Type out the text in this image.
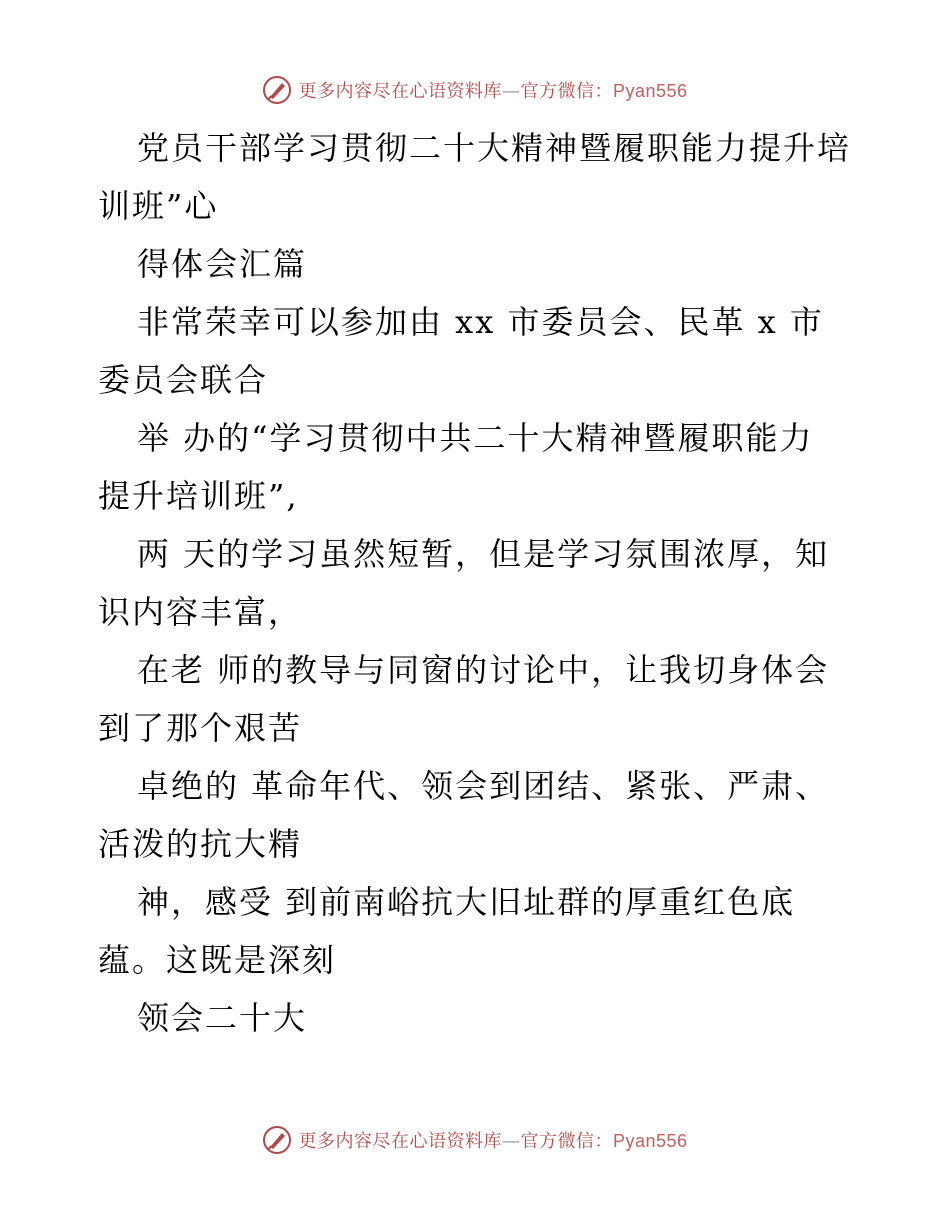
更多内容尽在心语资料库—官方微信：Pyan556
党员干部学习贯彻二十大精神暨履职能力提升培
训班”心
得体会汇篇
非常荣幸可以参加由 xx 市委员会、民革 x 市
委员会联合
举 办的“学习贯彻中共二十大精神暨履职能力
提升培训班”,
两 天的学习虽然短暂，但是学习氛围浓厚，知
识内容丰富，
在老 师的教导与同窗的讨论中，让我切身体会
到了那个艰苦
卓绝的 革命年代、领会到团结、紧张、严肃、
活泼的抗大精
神，感受 到前南峪抗大旧址群的厚重红色底
蕴。这既是深刻
领会二十大
更多内容尽在心语资料库—官方微信：Pyan556
